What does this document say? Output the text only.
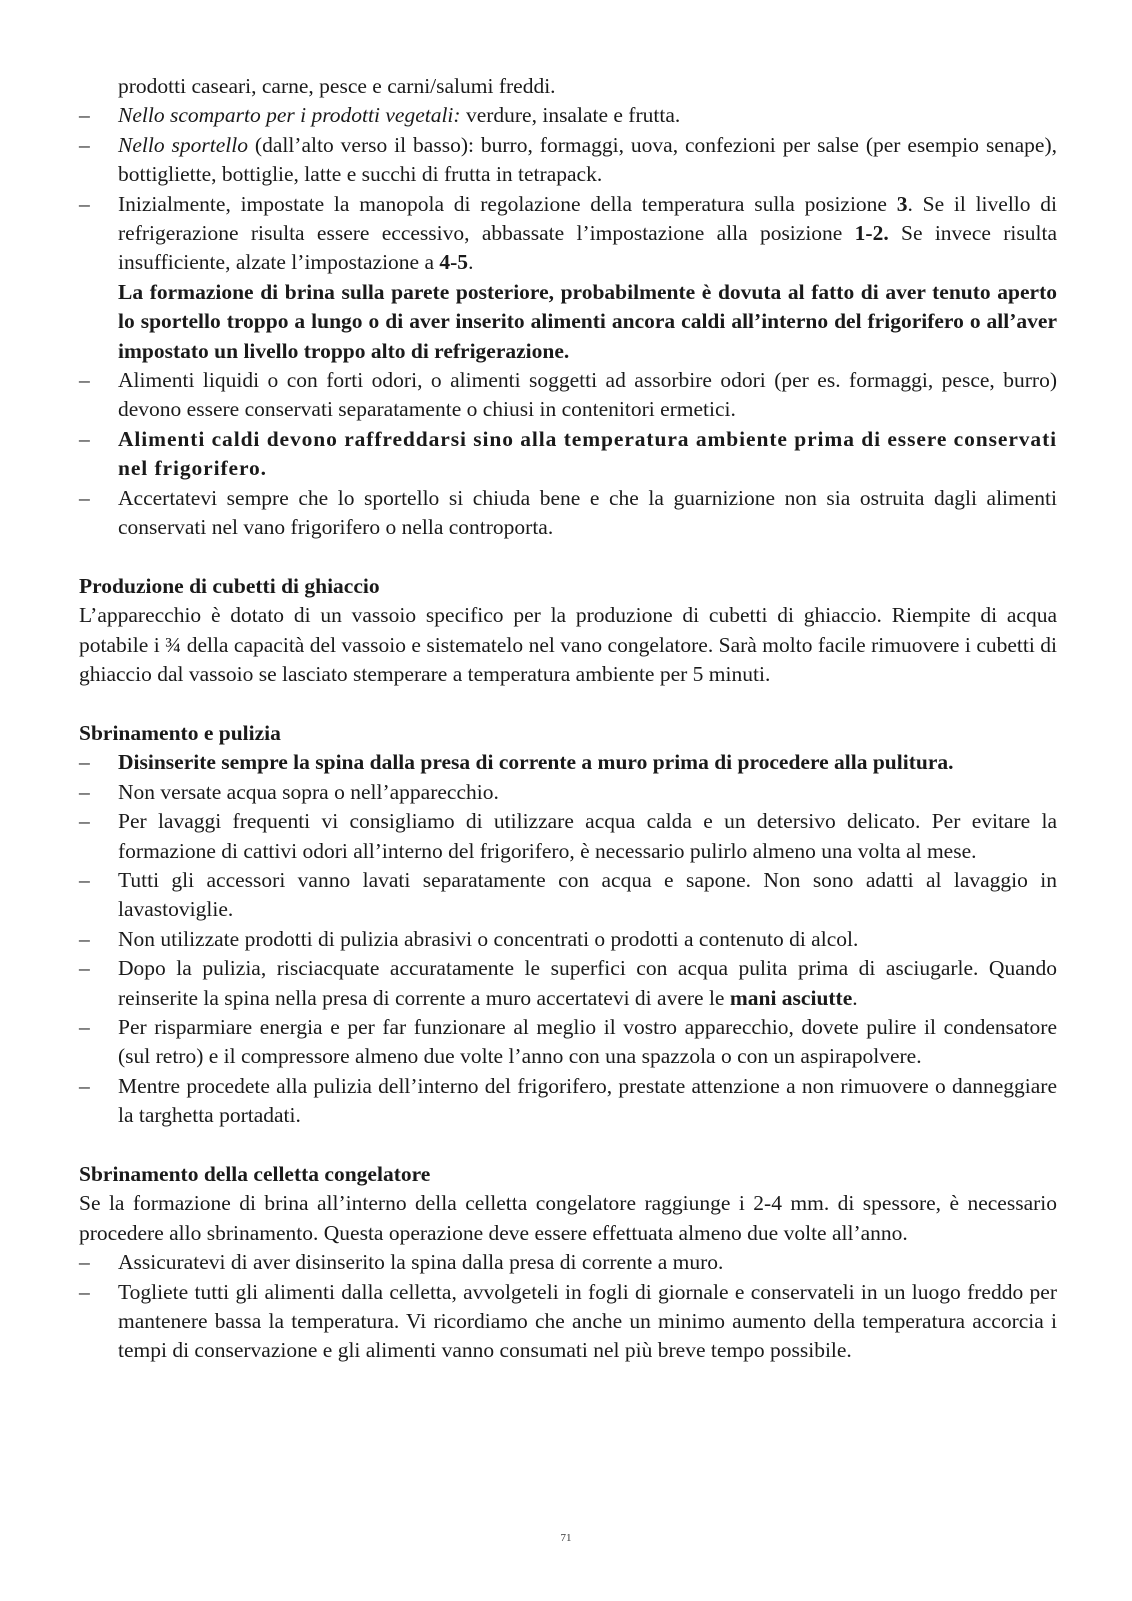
prodotti caseari, carne, pesce e carni/salumi freddi.

– Nello scomparto per i prodotti vegetali: verdure, insalate e frutta.

– Nello sportello (dall’alto verso il basso): burro, formaggi, uova, confezioni per salse (per esempio senape), bottigliette, bottiglie, latte e succhi di frutta in tetrapack.

– Inizialmente, impostate la manopola di regolazione della temperatura sulla posizione 3. Se il livello di refrigerazione risulta essere eccessivo, abbassate l’impostazione alla posizione 1-2. Se invece risulta insufficiente, alzate l’impostazione a 4-5.

La formazione di brina sulla parete posteriore, probabilmente è dovuta al fatto di aver tenuto aperto lo sportello troppo a lungo o di aver inserito alimenti ancora caldi all’interno del frigorifero o all’aver impostato un livello troppo alto di refrigerazione.

– Alimenti liquidi o con forti odori, o alimenti soggetti ad assorbire odori (per es. formaggi, pesce, burro) devono essere conservati separatamente o chiusi in contenitori ermetici.

– Alimenti caldi devono raffreddarsi sino alla temperatura ambiente prima di essere conservati nel frigorifero.

– Accertatevi sempre che lo sportello si chiuda bene e che la guarnizione non sia ostruita dagli alimenti conservati nel vano frigorifero o nella controporta.

Produzione di cubetti di ghiaccio

L’apparecchio è dotato di un vassoio specifico per la produzione di cubetti di ghiaccio. Riempite di acqua potabile i ¾ della capacità del vassoio e sistematelo nel vano congelatore. Sarà molto facile rimuovere i cubetti di ghiaccio dal vassoio se lasciato stemperare a temperatura ambiente per 5 minuti.

Sbrinamento e pulizia

– Disinserite sempre la spina dalla presa di corrente a muro prima di procedere alla pulitura.

– Non versate acqua sopra o nell’apparecchio.

– Per lavaggi frequenti vi consigliamo di utilizzare acqua calda e un detersivo delicato. Per evitare la formazione di cattivi odori all’interno del frigorifero, è necessario pulirlo almeno una volta al mese.

– Tutti gli accessori vanno lavati separatamente con acqua e sapone. Non sono adatti al lavaggio in lavastoviglie.

– Non utilizzate prodotti di pulizia abrasivi o concentrati o prodotti a contenuto di alcol.

– Dopo la pulizia, risciacquate accuratamente le superfici con acqua pulita prima di asciugarle. Quando reinserite la spina nella presa di corrente a muro accertatevi di avere le mani asciutte.

– Per risparmiare energia e per far funzionare al meglio il vostro apparecchio, dovete pulire il condensatore (sul retro) e il compressore almeno due volte l’anno con una spazzola o con un aspirapolvere.

– Mentre procedete alla pulizia dell’interno del frigorifero, prestate attenzione a non rimuovere o danneggiare la targhetta portadati.

Sbrinamento della celletta congelatore

Se la formazione di brina all’interno della celletta congelatore raggiunge i 2-4 mm. di spessore, è necessario procedere allo sbrinamento. Questa operazione deve essere effettuata almeno due volte all’anno.

– Assicuratevi di aver disinserito la spina dalla presa di corrente a muro.

– Togliete tutti gli alimenti dalla celletta, avvolgeteli in fogli di giornale e conservateli in un luogo freddo per mantenere bassa la temperatura. Vi ricordiamo che anche un minimo aumento della temperatura accorcia i tempi di conservazione e gli alimenti vanno consumati nel più breve tempo possibile.

71
